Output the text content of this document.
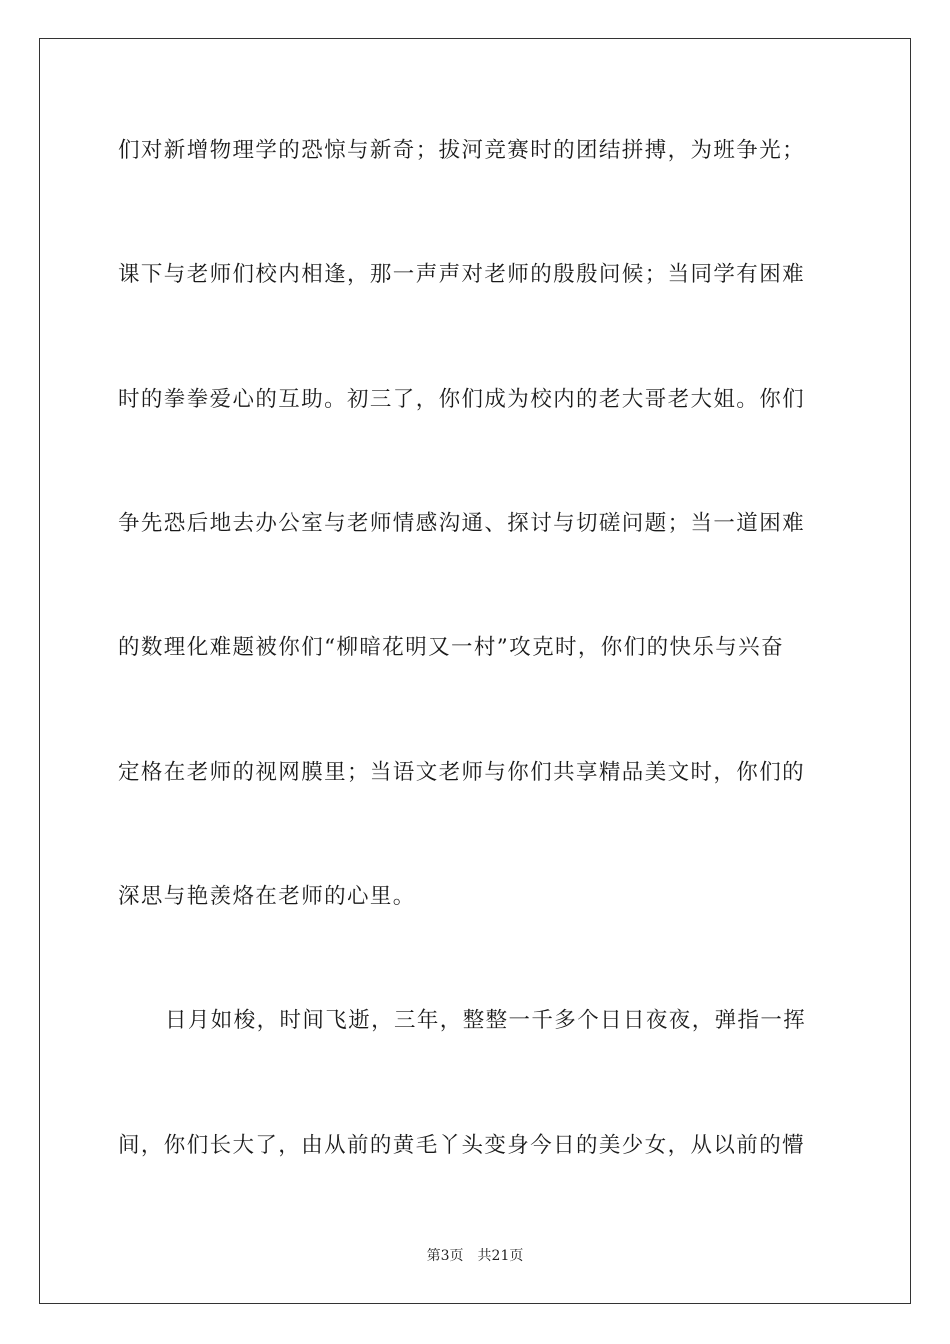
们对新增物理学的恐惊与新奇；拔河竞赛时的团结拼搏，为班争光；
课下与老师们校内相逢，那一声声对老师的殷殷问候；当同学有困难
时的拳拳爱心的互助。初三了，你们成为校内的老大哥老大姐。你们
争先恐后地去办公室与老师情感沟通、探讨与切磋问题；当一道困难
的数理化难题被你们“柳暗花明又一村”攻克时，你们的快乐与兴奋
定格在老师的视网膜里；当语文老师与你们共享精品美文时，你们的
深思与艳羡烙在老师的心里。
日月如梭，时间飞逝，三年，整整一千多个日日夜夜，弹指一挥
间，你们长大了，由从前的黄毛丫头变身今日的美少女，从以前的懵
第3页 共21页
